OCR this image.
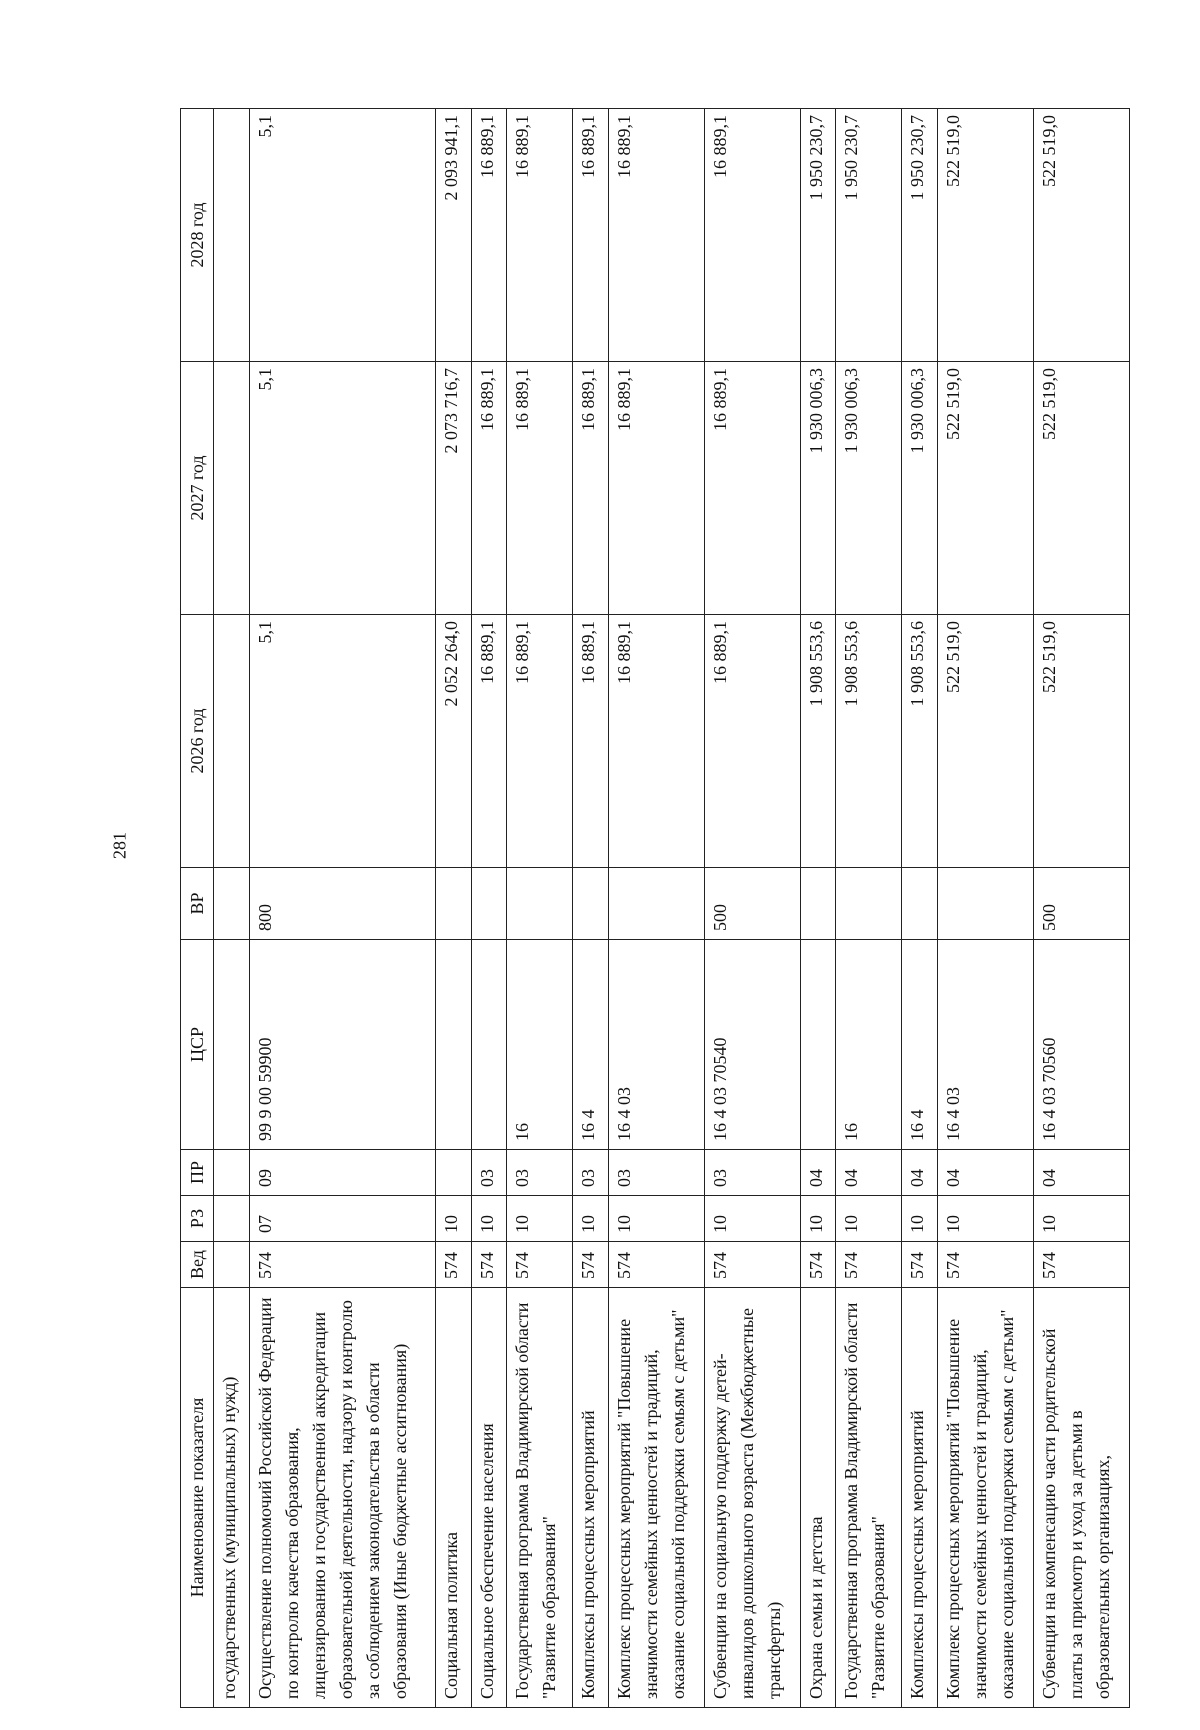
281
Наименование показателя	Вед	РЗ	ПР	ЦСР	ВР	2026 год	2027 год	2028 год
государственных (муниципальных) нужд)								
Осуществление полномочий Российской Федерации по контролю качества образования, лицензированию и государственной аккредитации образовательной деятельности, надзору и контролю за соблюдением законодательства в области образования (Иные бюджетные ассигнования)	574	07	09	99 9 00 59900	800	5,1	5,1	5,1
Социальная политика	574	10				2 052 264,0	2 073 716,7	2 093 941,1
Социальное обеспечение населения	574	10	03			16 889,1	16 889,1	16 889,1
Государственная программа Владимирской области "Развитие образования"	574	10	03	16		16 889,1	16 889,1	16 889,1
Комплексы процессных мероприятий	574	10	03	16 4		16 889,1	16 889,1	16 889,1
Комплекс процессных мероприятий "Повышение значимости семейных ценностей и традиций, оказание социальной поддержки семьям с детьми"	574	10	03	16 4 03		16 889,1	16 889,1	16 889,1
Субвенции на социальную поддержку детей-инвалидов дошкольного возраста (Межбюджетные трансферты)	574	10	03	16 4 03 70540	500	16 889,1	16 889,1	16 889,1
Охрана семьи и детства	574	10	04			1 908 553,6	1 930 006,3	1 950 230,7
Государственная программа Владимирской области "Развитие образования"	574	10	04	16		1 908 553,6	1 930 006,3	1 950 230,7
Комплексы процессных мероприятий	574	10	04	16 4		1 908 553,6	1 930 006,3	1 950 230,7
Комплекс процессных мероприятий "Повышение значимости семейных ценностей и традиций, оказание социальной поддержки семьям с детьми"	574	10	04	16 4 03		522 519,0	522 519,0	522 519,0
Субвенции на компенсацию части родительской платы за присмотр и уход за детьми в образовательных организациях,	574	10	04	16 4 03 70560	500	522 519,0	522 519,0	522 519,0
